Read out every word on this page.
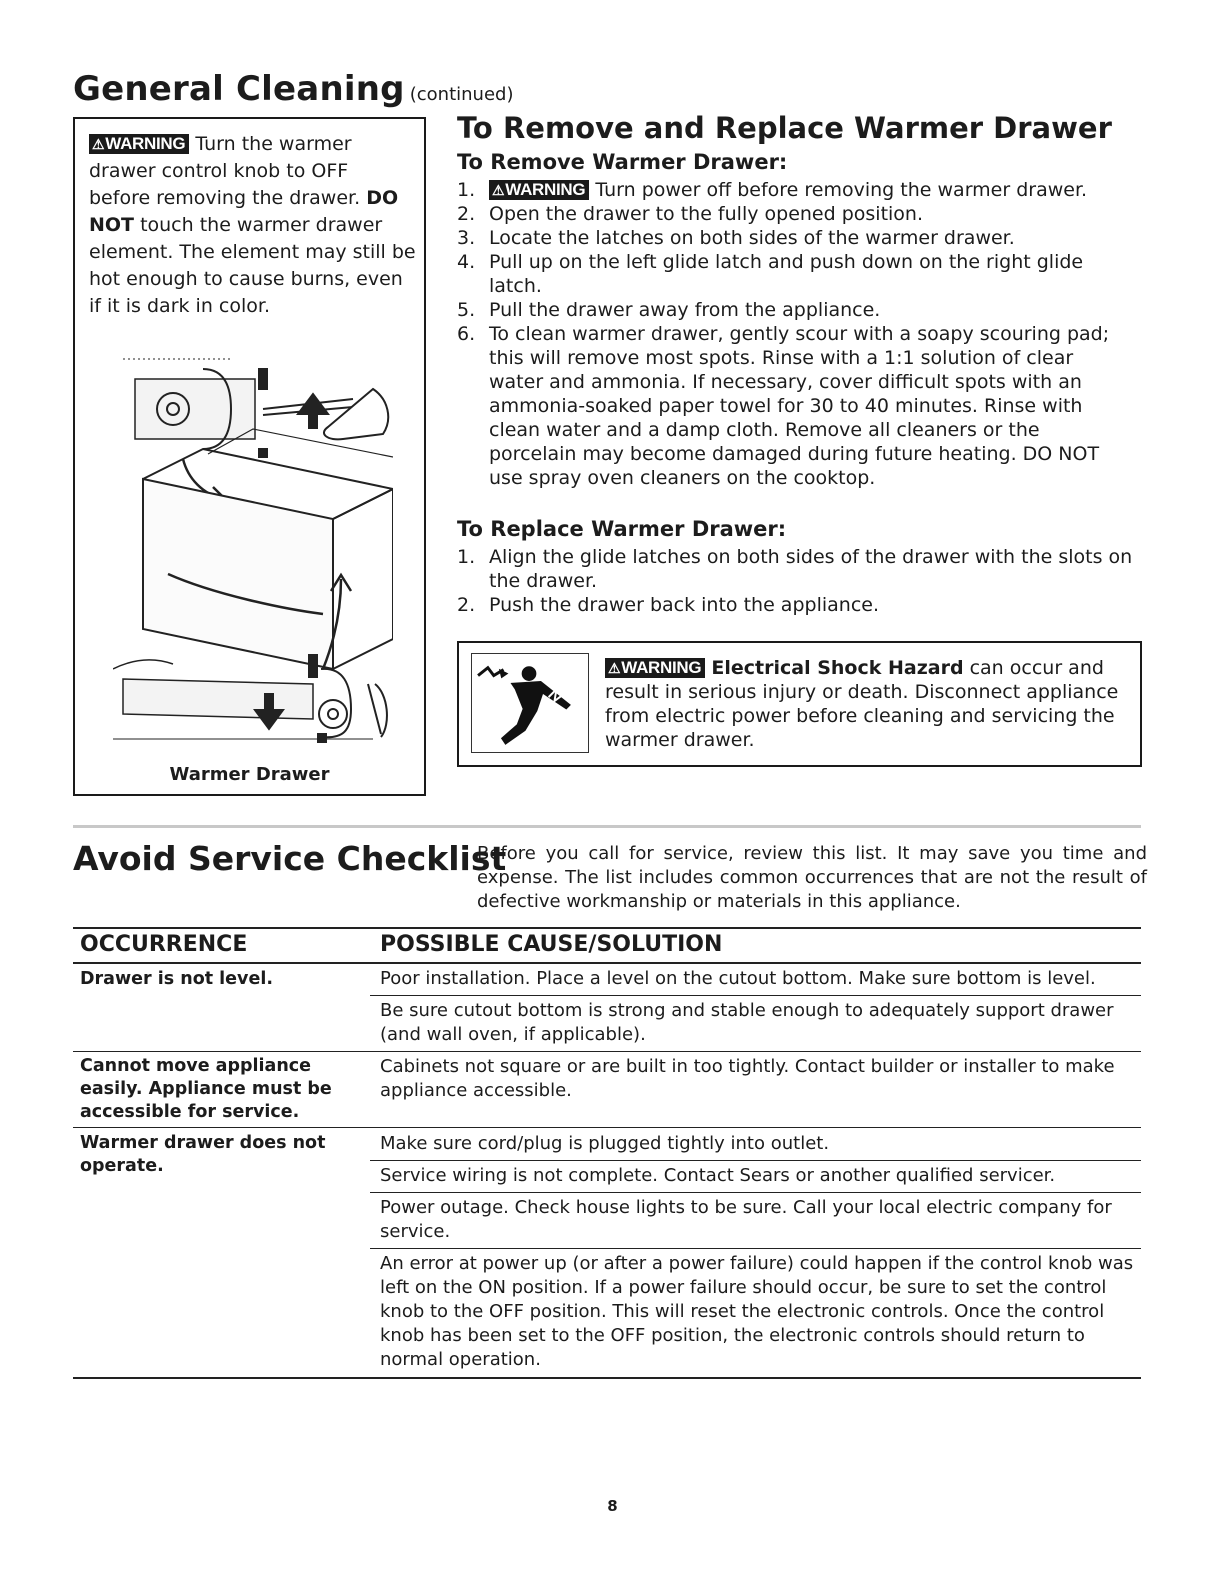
General Cleaning (continued)
⚠WARNING Turn the warmer
drawer control knob to OFF
before removing the drawer. DO
NOT touch the warmer drawer
element. The element may still be
hot enough to cause burns, even
if it is dark in color.
Warmer Drawer
To Remove and Replace Warmer Drawer
To Remove Warmer Drawer:
1. ⚠WARNING Turn power off before removing the warmer drawer.
2. Open the drawer to the fully opened position.
3. Locate the latches on both sides of the warmer drawer.
4. Pull up on the left glide latch and push down on the right glide latch.
5. Pull the drawer away from the appliance.
6. To clean warmer drawer, gently scour with a soapy scouring pad; this will remove most spots. Rinse with a 1:1 solution of clear water and ammonia. If necessary, cover difficult spots with an ammonia-soaked paper towel for 30 to 40 minutes. Rinse with clean water and a damp cloth. Remove all cleaners or the porcelain may become damaged during future heating. DO NOT use spray oven cleaners on the cooktop.
To Replace Warmer Drawer:
1. Align the glide latches on both sides of the drawer with the slots on the drawer.
2. Push the drawer back into the appliance.
⚠WARNING Electrical Shock Hazard can occur and result in serious injury or death. Disconnect appliance from electric power before cleaning and servicing the warmer drawer.
Avoid Service Checklist
Before you call for service, review this list. It may save you time and expense. The list includes common occurrences that are not the result of defective workmanship or materials in this appliance.
OCCURRENCE	POSSIBLE CAUSE/SOLUTION
Drawer is not level.	Poor installation. Place a level on the cutout bottom. Make sure bottom is level.
Be sure cutout bottom is strong and stable enough to adequately support drawer (and wall oven, if applicable).
Cannot move appliance easily. Appliance must be accessible for service.
Cabinets not square or are built in too tightly. Contact builder or installer to make appliance accessible.
Warmer drawer does not operate.
Make sure cord/plug is plugged tightly into outlet.
Service wiring is not complete. Contact Sears or another qualified servicer.
Power outage. Check house lights to be sure. Call your local electric company for service.
An error at power up (or after a power failure) could happen if the control knob was left on the ON position. If a power failure should occur, be sure to set the control knob to the OFF position. This will reset the electronic controls. Once the control knob has been set to the OFF position, the electronic controls should return to normal operation.
8
